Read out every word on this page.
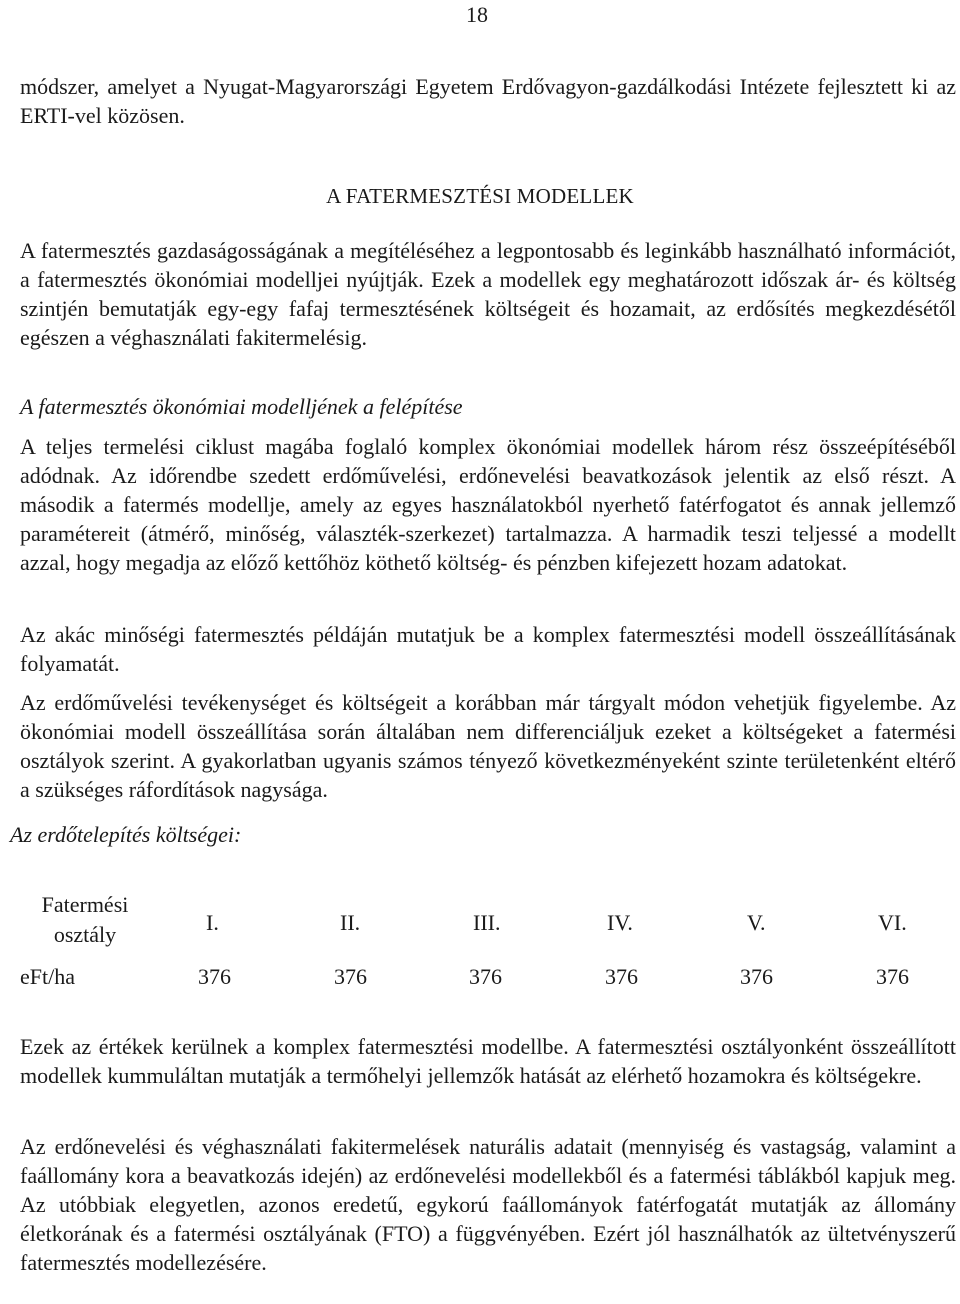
18
módszer, amelyet a Nyugat-Magyarországi Egyetem Erdővagyon-gazdálkodási Intézete fejlesztett ki az ERTI-vel közösen.
A FATERMESZTÉSI MODELLEK
A fatermesztés gazdaságosságának a megítéléséhez a legpontosabb és leginkább használható információt, a fatermesztés ökonómiai modelljei nyújtják. Ezek a modellek egy meghatározott időszak ár- és költség szintjén bemutatják egy-egy fafaj termesztésének költségeit és hozamait, az erdősítés megkezdésétől egészen a véghasználati fakitermelésig.
A fatermesztés ökonómiai modelljének a felépítése
A teljes termelési ciklust magába foglaló komplex ökonómiai modellek három rész összeépítéséből adódnak. Az időrendbe szedett erdőművelési, erdőnevelési beavatkozások jelentik az első részt. A második a fatermés modellje, amely az egyes használatokból nyerhető fatérfogatot és annak jellemző paramétereit (átmérő, minőség, választék-szerkezet) tartalmazza. A harmadik teszi teljessé a modellt azzal, hogy megadja az előző kettőhöz köthető költség- és pénzben kifejezett hozam adatokat.
Az akác minőségi fatermesztés példáján mutatjuk be a komplex fatermesztési modell összeállításának folyamatát.
Az erdőművelési tevékenységet és költségeit a korábban már tárgyalt módon vehetjük figyelembe. Az ökonómiai modell összeállítása során általában nem differenciáljuk ezeket a költségeket a fatermési osztályok szerint. A gyakorlatban ugyanis számos tényező következményeként szinte területenként eltérő a szükséges ráfordítások nagysága.
Az erdőtelepítés költségei:
Fatermési
osztály	I.	II.	III.	IV.	V.	VI.
eFt/ha	376	376	376	376	376	376
Ezek az értékek kerülnek a komplex fatermesztési modellbe. A fatermesztési osztályonként összeállított modellek kummuláltan mutatják a termőhelyi jellemzők hatását az elérhető hozamokra és költségekre.
Az erdőnevelési és véghasználati fakitermelések naturális adatait (mennyiség és vastagság, valamint a faállomány kora a beavatkozás idején) az erdőnevelési modellekből és a fatermési táblákból kapjuk meg. Az utóbbiak elegyetlen, azonos eredetű, egykorú faállományok fatérfogatát mutatják az állomány életkorának és a fatermési osztályának (FTO) a függvényében. Ezért jól használhatók az ültetvényszerű fatermesztés modellezésére.
